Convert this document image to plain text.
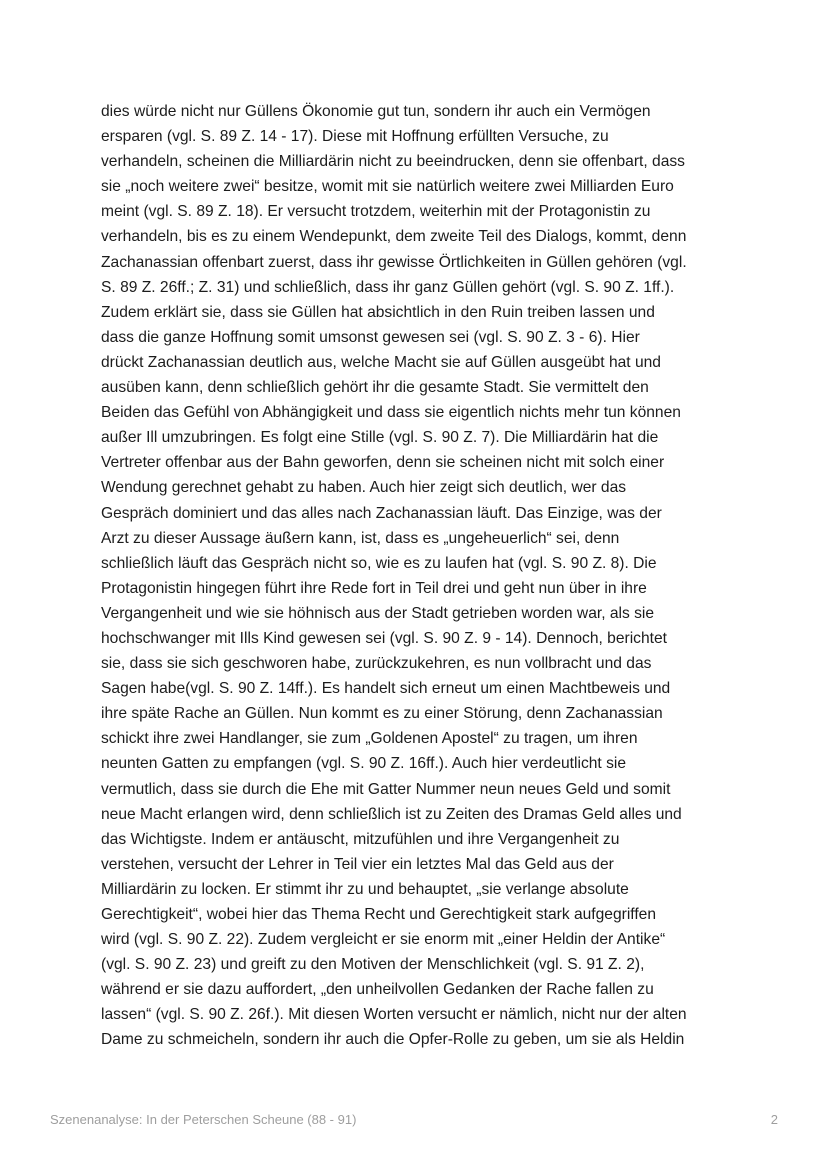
dies würde nicht nur Güllens Ökonomie gut tun, sondern ihr auch ein Vermögen
ersparen (vgl. S. 89 Z. 14 - 17). Diese mit Hoffnung erfüllten Versuche, zu
verhandeln, scheinen die Milliardärin nicht zu beeindrucken, denn sie offenbart, dass
sie „noch weitere zwei“ besitze, womit mit sie natürlich weitere zwei Milliarden Euro
meint (vgl. S. 89 Z. 18). Er versucht trotzdem, weiterhin mit der Protagonistin zu
verhandeln, bis es zu einem Wendepunkt, dem zweite Teil des Dialogs, kommt, denn
Zachanassian offenbart zuerst, dass ihr gewisse Örtlichkeiten in Güllen gehören (vgl.
S. 89 Z. 26ff.; Z. 31) und schließlich, dass ihr ganz Güllen gehört (vgl. S. 90 Z. 1ff.).
Zudem erklärt sie, dass sie Güllen hat absichtlich in den Ruin treiben lassen und
dass die ganze Hoffnung somit umsonst gewesen sei (vgl. S. 90 Z. 3 - 6). Hier
drückt Zachanassian deutlich aus, welche Macht sie auf Güllen ausgeübt hat und
ausüben kann, denn schließlich gehört ihr die gesamte Stadt. Sie vermittelt den
Beiden das Gefühl von Abhängigkeit und dass sie eigentlich nichts mehr tun können
außer Ill umzubringen. Es folgt eine Stille (vgl. S. 90 Z. 7). Die Milliardärin hat die
Vertreter offenbar aus der Bahn geworfen, denn sie scheinen nicht mit solch einer
Wendung gerechnet gehabt zu haben. Auch hier zeigt sich deutlich, wer das
Gespräch dominiert und das alles nach Zachanassian läuft. Das Einzige, was der
Arzt zu dieser Aussage äußern kann, ist, dass es „ungeheuerlich“ sei, denn
schließlich läuft das Gespräch nicht so, wie es zu laufen hat (vgl. S. 90 Z. 8). Die
Protagonistin hingegen führt ihre Rede fort in Teil drei und geht nun über in ihre
Vergangenheit und wie sie höhnisch aus der Stadt getrieben worden war, als sie
hochschwanger mit Ills Kind gewesen sei (vgl. S. 90 Z. 9 - 14). Dennoch, berichtet
sie, dass sie sich geschworen habe, zurückzukehren, es nun vollbracht und das
Sagen habe(vgl. S. 90 Z. 14ff.). Es handelt sich erneut um einen Machtbeweis und
ihre späte Rache an Güllen. Nun kommt es zu einer Störung, denn Zachanassian
schickt ihre zwei Handlanger, sie zum „Goldenen Apostel“ zu tragen, um ihren
neunten Gatten zu empfangen (vgl. S. 90 Z. 16ff.). Auch hier verdeutlicht sie
vermutlich, dass sie durch die Ehe mit Gatter Nummer neun neues Geld und somit
neue Macht erlangen wird, denn schließlich ist zu Zeiten des Dramas Geld alles und
das Wichtigste. Indem er antäuscht, mitzufühlen und ihre Vergangenheit zu
verstehen, versucht der Lehrer in Teil vier ein letztes Mal das Geld aus der
Milliardärin zu locken. Er stimmt ihr zu und behauptet, „sie verlange absolute
Gerechtigkeit“, wobei hier das Thema Recht und Gerechtigkeit stark aufgegriffen
wird (vgl. S. 90 Z. 22). Zudem vergleicht er sie enorm mit „einer Heldin der Antike“
(vgl. S. 90 Z. 23) und greift zu den Motiven der Menschlichkeit (vgl. S. 91 Z. 2),
während er sie dazu auffordert, „den unheilvollen Gedanken der Rache fallen zu
lassen“ (vgl. S. 90 Z. 26f.). Mit diesen Worten versucht er nämlich, nicht nur der alten
Dame zu schmeicheln, sondern ihr auch die Opfer-Rolle zu geben, um sie als Heldin
Szenenanalyse: In der Peterschen Scheune (88 - 91)	2
